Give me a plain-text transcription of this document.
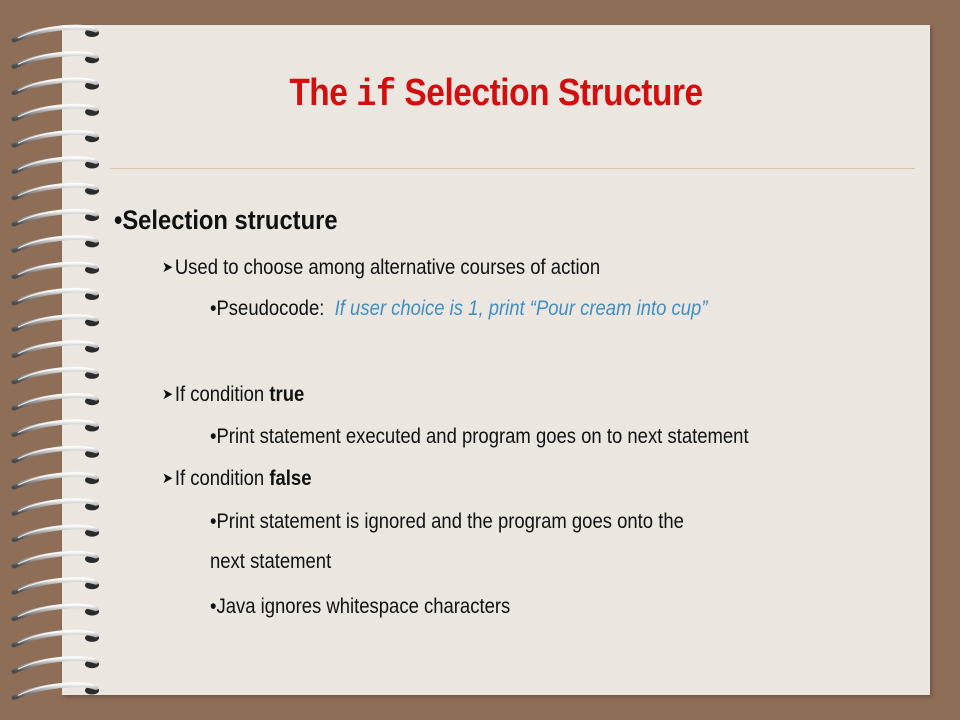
The if Selection Structure
•Selection structure
➤Used to choose among alternative courses of action
•Pseudocode: If user choice is 1, print “Pour cream into cup”
➤If condition true
•Print statement executed and program goes on to next statement
➤If condition false
•Print statement is ignored and the program goes onto the
next statement
•Java ignores whitespace characters
